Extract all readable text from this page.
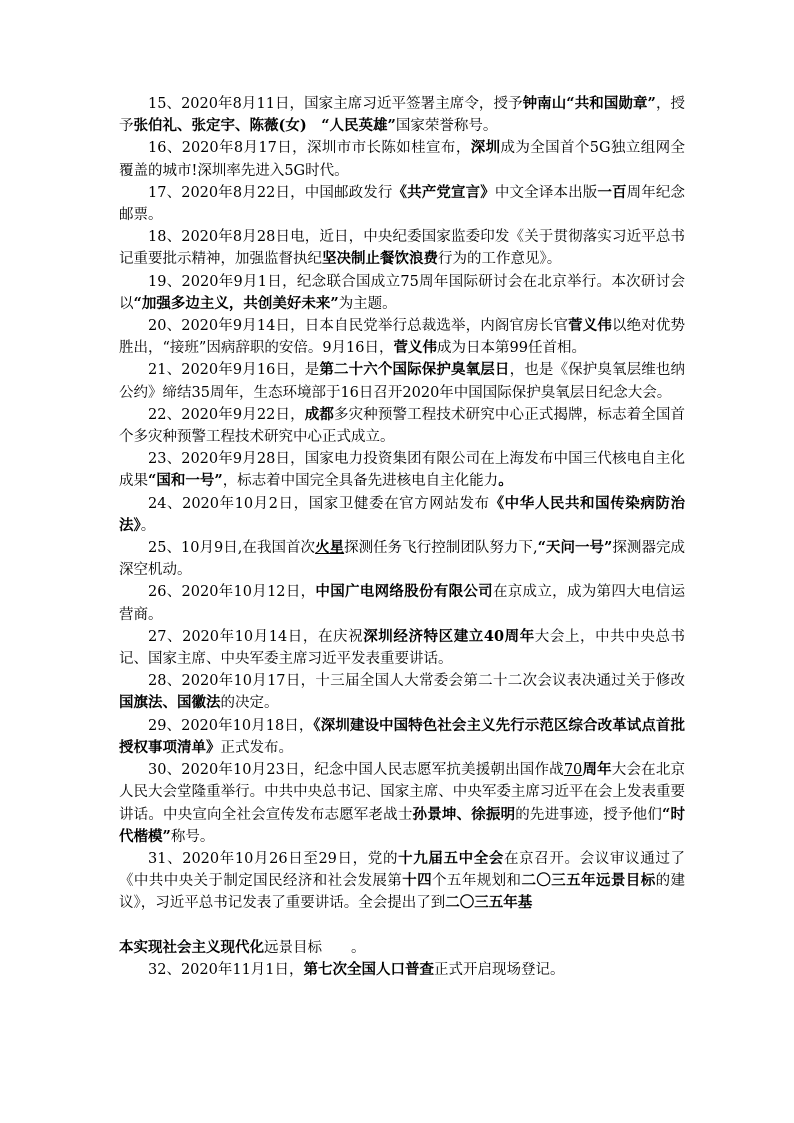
15、2020年8月11日，国家主席习近平签署主席令，授予钟南山“共和国勋章”，授予张伯礼、张定宇、陈薇(女)　“人民英雄”国家荣誉称号。

16、2020年8月17日，深圳市市长陈如桂宣布，深圳成为全国首个5G独立组网全覆盖的城市!深圳率先进入5G时代。

17、2020年8月22日，中国邮政发行《共产党宣言》中文全译本出版一百周年纪念邮票。

18、2020年8月28日电，近日，中央纪委国家监委印发《关于贯彻落实习近平总书记重要批示精神，加强监督执纪坚决制止餐饮浪费行为的工作意见》。

19、2020年9月1日，纪念联合国成立75周年国际研讨会在北京举行。本次研讨会以“加强多边主义，共创美好未来”为主题。

20、2020年9月14日，日本自民党举行总裁选举，内阁官房长官菅义伟以绝对优势胜出，“接班”因病辞职的安倍。9月16日，菅义伟成为日本第99任首相。

21、2020年9月16日，是第二十六个国际保护臭氧层日，也是《保护臭氧层维也纳公约》缔结35周年，生态环境部于16日召开2020年中国国际保护臭氧层日纪念大会。

22、2020年9月22日，成都多灾种预警工程技术研究中心正式揭牌，标志着全国首个多灾种预警工程技术研究中心正式成立。

23、2020年9月28日，国家电力投资集团有限公司在上海发布中国三代核电自主化成果“国和一号”，标志着中国完全具备先进核电自主化能力。

24、2020年10月2日，国家卫健委在官方网站发布《中华人民共和国传染病防治法》。

25、10月9日,在我国首次火星探测任务飞行控制团队努力下,“天问一号”探测器完成深空机动。

26、2020年10月12日，中国广电网络股份有限公司在京成立，成为第四大电信运营商。

27、2020年10月14日，在庆祝深圳经济特区建立40周年大会上，中共中央总书记、国家主席、中央军委主席习近平发表重要讲话。

28、2020年10月17日，十三届全国人大常委会第二十二次会议表决通过关于修改国旗法、国徽法的决定。

29、2020年10月18日，《深圳建设中国特色社会主义先行示范区综合改革试点首批授权事项清单》正式发布。

30、2020年10月23日，纪念中国人民志愿军抗美援朝出国作战70周年大会在北京人民大会堂隆重举行。中共中央总书记、国家主席、中央军委主席习近平在会上发表重要讲话。中央宣向全社会宣传发布志愿军老战士孙景坤、徐振明的先进事迹，授予他们“时代楷模”称号。

31、2020年10月26日至29日，党的十九届五中全会在京召开。会议审议通过了《中共中央关于制定国民经济和社会发展第十四个五年规划和二〇三五年远景目标的建议》，习近平总书记发表了重要讲话。全会提出了到二〇三五年基

本实现社会主义现代化远景目标　　。

32、2020年11月1日，第七次全国人口普查正式开启现场登记。
